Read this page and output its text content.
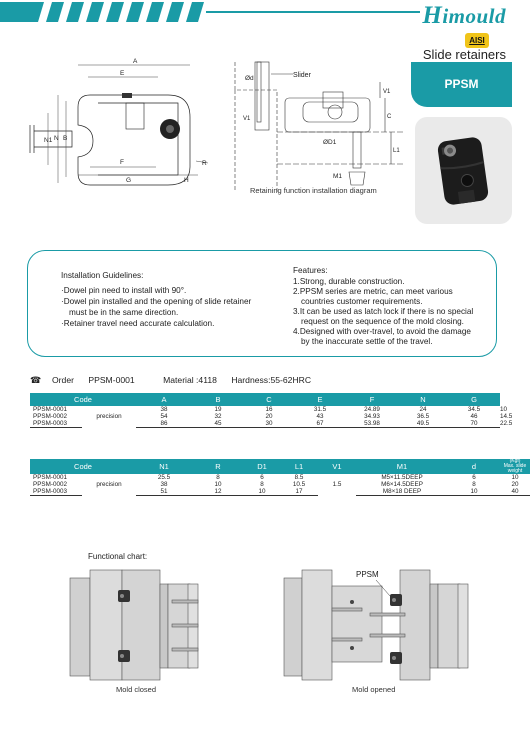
Himould
AISI
Slide retainers
PPSM
A
E
N1 N B
F
G	H
R
Slider
Ød
V1
V1
C
L1
ØD1
M1
Retaining function installation diagram
Installation Guidelines:
·Dowel pin need to install with 90°.
·Dowel pin installed and the opening of slide retainer
must be in the same direction.
·Retainer travel need accurate calculation.
Features:
1.Strong, durable construction.
2.PPSM series are metric, can meet various
countries customer requirements.
3.It can be used as latch lock if there is no special
request on the sequence of the mold closing.
4.Designed with over-travel, to avoid the damage
by the inaccurate settle of the travel.
☎ Order PPSM-0001	Material :4118 Hardness:55-62HRC
Code		A	B	C	E	F	N	G	H
PPSM-0001	precision	38	19	16	31.5	24.89	24	34.5	10
PPSM-0002		54	32	20	43	34.93	36.5	46	14.5
PPSM-0003		86	45	30	67	53.98	49.5	70	22.5
Code		N1	R	D1	L1	V1	M1	d	(Kgf)
Max. slide weight

PPSM-0001	precision	25.5	8	6	8.5	1.5	M5×11.5DEEP	6	10
PPSM-0002		38	10	8	10.5		M6×14.5DEEP	8	20
PPSM-0003		51	12	10	17		M8×18 DEEP	10	40
Functional chart:
Mold closed
PPSM
Mold opened
